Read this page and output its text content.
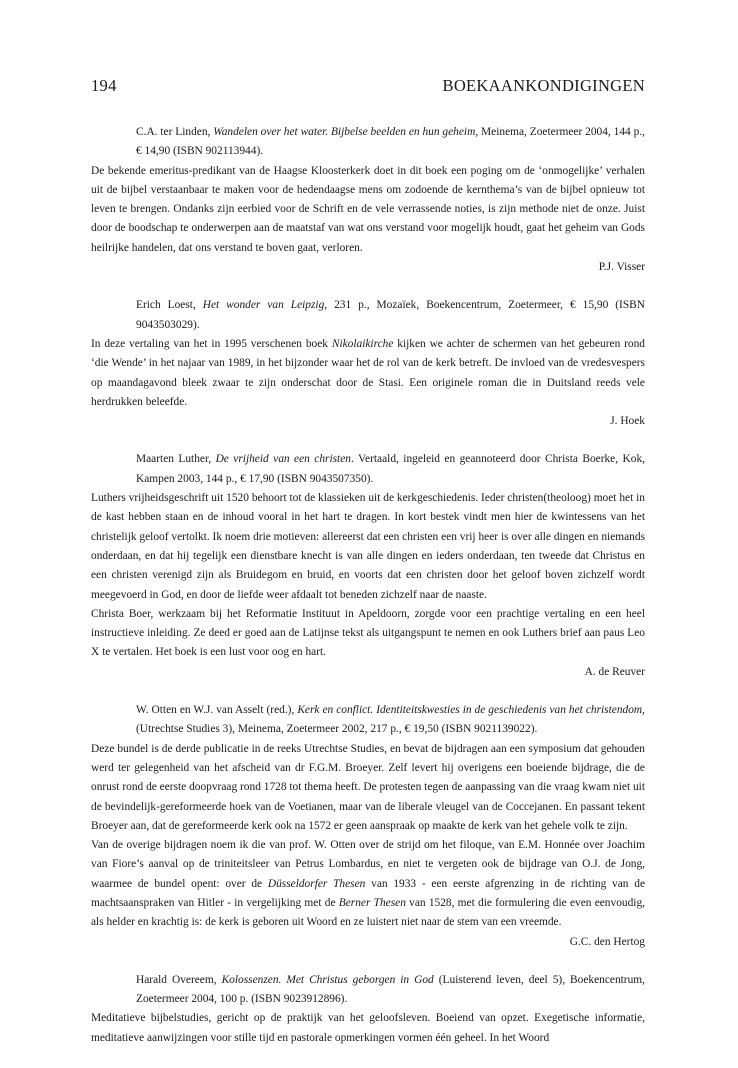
194	BOEKAANKONDIGINGEN
C.A. ter Linden, Wandelen over het water. Bijbelse beelden en hun geheim, Meinema, Zoetermeer 2004, 144 p., € 14,90 (ISBN 902113944).

De bekende emeritus-predikant van de Haagse Kloosterkerk doet in dit boek een poging om de ‘onmogelijke’ verhalen uit de bijbel verstaanbaar te maken voor de hedendaagse mens om zodoende de kernthema’s van de bijbel opnieuw tot leven te brengen. Ondanks zijn eerbied voor de Schrift en de vele verrassende noties, is zijn methode niet de onze. Juist door de boodschap te onderwerpen aan de maatstaf van wat ons verstand voor mogelijk houdt, gaat het geheim van Gods heilrijke handelen, dat ons verstand te boven gaat, verloren.

P.J. Visser
Erich Loest, Het wonder van Leipzig, 231 p., Mozaïek, Boekencentrum, Zoetermeer, € 15,90 (ISBN 9043503029).

In deze vertaling van het in 1995 verschenen boek Nikolaikirche kijken we achter de schermen van het gebeuren rond ‘die Wende’ in het najaar van 1989, in het bijzonder waar het de rol van de kerk betreft. De invloed van de vredesvespers op maandagavond bleek zwaar te zijn onderschat door de Stasi. Een originele roman die in Duitsland reeds vele herdrukken beleefde.

J. Hoek
Maarten Luther, De vrijheid van een christen. Vertaald, ingeleid en geannoteerd door Christa Boerke, Kok, Kampen 2003, 144 p., € 17,90 (ISBN 9043507350).

Luthers vrijheidsgeschrift uit 1520 behoort tot de klassieken uit de kerkgeschiedenis. Ieder christen(theoloog) moet het in de kast hebben staan en de inhoud vooral in het hart te dragen. In kort bestek vindt men hier de kwintessens van het christelijk geloof vertolkt. Ik noem drie motieven: allereerst dat een christen een vrij heer is over alle dingen en niemands onderdaan, en dat hij tegelijk een dienstbare knecht is van alle dingen en ieders onderdaan, ten tweede dat Christus en een christen verenigd zijn als Bruidegom en bruid, en voorts dat een christen door het geloof boven zichzelf wordt meegevoerd in God, en door de liefde weer afdaalt tot beneden zichzelf naar de naaste.

Christa Boer, werkzaam bij het Reformatie Instituut in Apeldoorn, zorgde voor een prachtige vertaling en een heel instructieve inleiding. Ze deed er goed aan de Latijnse tekst als uitgangspunt te nemen en ook Luthers brief aan paus Leo X te vertalen. Het boek is een lust voor oog en hart.

A. de Reuver
W. Otten en W.J. van Asselt (red.), Kerk en conflict. Identiteitskwesties in de geschiedenis van het christendom, (Utrechtse Studies 3), Meinema, Zoetermeer 2002, 217 p., € 19,50 (ISBN 9021139022).

Deze bundel is de derde publicatie in de reeks Utrechtse Studies, en bevat de bijdragen aan een symposium dat gehouden werd ter gelegenheid van het afscheid van dr F.G.M. Broeyer. Zelf levert hij overigens een boeiende bijdrage, die de onrust rond de eerste doopvraag rond 1728 tot thema heeft. De protesten tegen de aanpassing van die vraag kwam niet uit de bevindelijk-gereformeerde hoek van de Voetianen, maar van de liberale vleugel van de Coccejanen. En passant tekent Broeyer aan, dat de gereformeerde kerk ook na 1572 er geen aanspraak op maakte de kerk van het gehele volk te zijn.

Van de overige bijdragen noem ik die van prof. W. Otten over de strijd om het filoque, van E.M. Honnée over Joachim van Fiore’s aanval op de triniteitsleer van Petrus Lombardus, en niet te vergeten ook de bijdrage van O.J. de Jong, waarmee de bundel opent: over de Düsseldorfer Thesen van 1933 - een eerste afgrenzing in de richting van de machtsaanspraken van Hitler - in vergelijking met de Berner Thesen van 1528, met die formulering die even eenvoudig, als helder en krachtig is: de kerk is geboren uit Woord en ze luistert niet naar de stem van een vreemde.

G.C. den Hertog
Harald Overeem, Kolossenzen. Met Christus geborgen in God (Luisterend leven, deel 5), Boekencentrum, Zoetermeer 2004, 100 p. (ISBN 9023912896).

Meditatieve bijbelstudies, gericht op de praktijk van het geloofsleven. Boeiend van opzet. Exegetische informatie, meditatieve aanwijzingen voor stille tijd en pastorale opmerkingen vormen één geheel. In het Woord
